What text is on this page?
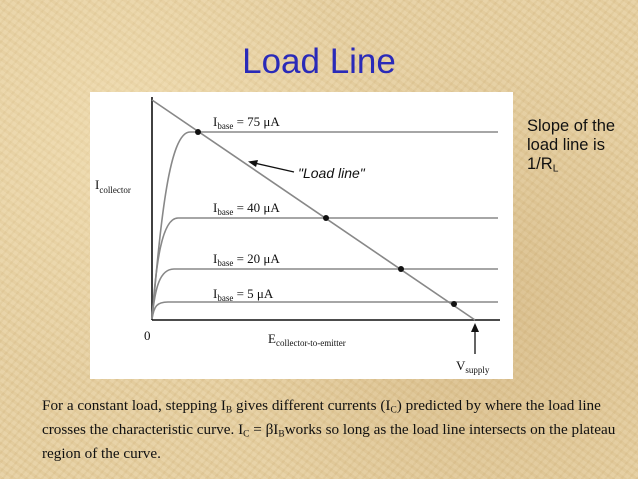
Load Line
$I_{base} = 75$ μA
$I_{base} = 40$ μA
$I_{base} = 20$ μA
$I_{base} = 5$ μA
$I_{collector}$
"Load line"
0	$E_{collector-to-emitter}$
$V_{supply}$
Slope of the load line is $1/R_L$
For a constant load, stepping $I_B$ gives different currents $(I_C)$ predicted by where the load line crosses the characteristic curve. $I_C$ = $\beta I_Bworks$ so long as the load line intersects on the plateau region of the curve.
